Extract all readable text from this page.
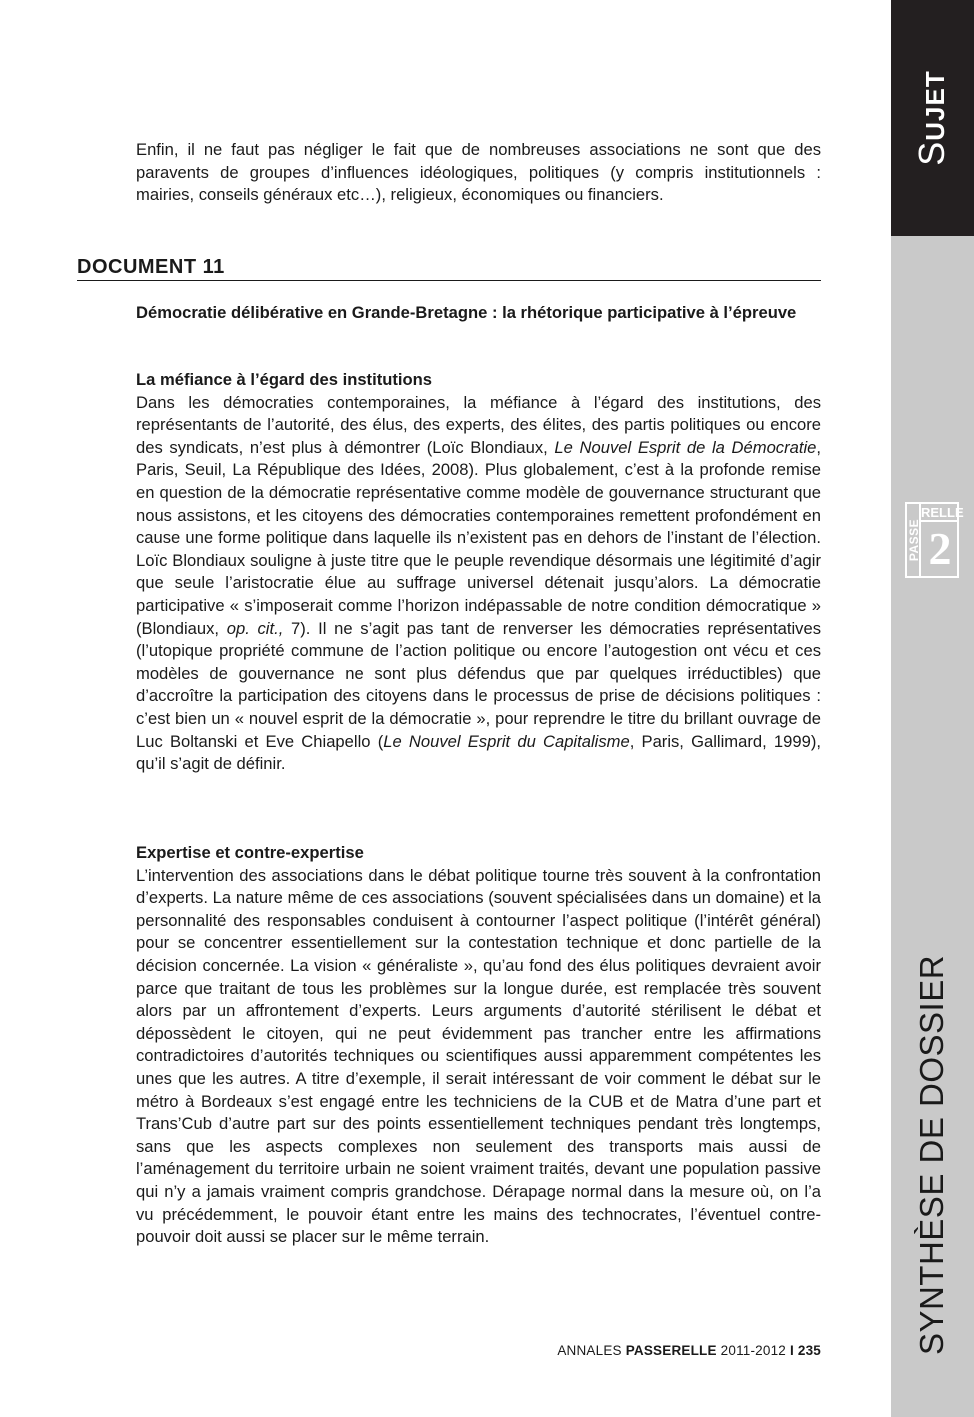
Enfin, il ne faut pas négliger le fait que de nombreuses associations ne sont que des paravents de groupes d’influences idéologiques, politiques (y compris institutionnels : mairies, conseils généraux etc…), religieux, économiques ou financiers.
DOCUMENT 11
Démocratie délibérative en Grande-Bretagne : la rhétorique participative à l’épreuve
La méfiance à l’égard des institutions
Dans les démocraties contemporaines, la méfiance à l’égard des institutions, des représentants de l’autorité, des élus, des experts, des élites, des partis politiques ou encore des syndicats, n’est plus à démontrer (Loïc Blondiaux, Le Nouvel Esprit de la Démocratie, Paris, Seuil, La République des Idées, 2008). Plus globalement, c’est à la profonde remise en question de la démocratie représentative comme modèle de gouvernance structurant que nous assistons, et les citoyens des démocraties contemporaines remettent profondément en cause une forme politique dans laquelle ils n’existent pas en dehors de l’instant de l’élection. Loïc Blondiaux souligne à juste titre que le peuple revendique désormais une légitimité d’agir que seule l’aristocratie élue au suffrage universel détenait jusqu’alors. La démocratie participative « s’imposerait comme l’horizon indépassable de notre condition démocratique » (Blondiaux, op. cit., 7). Il ne s’agit pas tant de renverser les démocraties représentatives (l’utopique propriété commune de l’action politique ou encore l’autogestion ont vécu et ces modèles de gouvernance ne sont plus défendus que par quelques irréductibles) que d’accroître la participation des citoyens dans le processus de prise de décisions politiques : c’est bien un « nouvel esprit de la démocratie », pour reprendre le titre du brillant ouvrage de Luc Boltanski et Eve Chiapello (Le Nouvel Esprit du Capitalisme, Paris, Gallimard, 1999), qu’il s’agit de définir.
Expertise et contre-expertise
L’intervention des associations dans le débat politique tourne très souvent à la confrontation d’experts. La nature même de ces associations (souvent spécialisées dans un domaine) et la personnalité des responsables conduisent à contourner l’aspect politique (l’intérêt général) pour se concentrer essentiellement sur la contestation technique et donc partielle de la décision concernée. La vision « généraliste », qu’au fond des élus politiques devraient avoir parce que traitant de tous les problèmes sur la longue durée, est remplacée très souvent alors par un affrontement d’experts. Leurs arguments d’autorité stérilisent le débat et dépossèdent le citoyen, qui ne peut évidemment pas trancher entre les affirmations contradictoires d’autorités techniques ou scientifiques aussi apparemment compétentes les unes que les autres. A titre d’exemple, il serait intéressant de voir comment le débat sur le métro à Bordeaux s’est engagé entre les techniciens de la CUB et de Matra d’une part et Trans’Cub d’autre part sur des points essentiellement techniques pendant très longtemps, sans que les aspects complexes non seulement des transports mais aussi de l’aménagement du territoire urbain ne soient vraiment traités, devant une population passive qui n’y a jamais vraiment compris grandchose. Dérapage normal dans la mesure où, on l’a vu précédemment, le pouvoir étant entre les mains des technocrates, l’éventuel contre-pouvoir doit aussi se placer sur le même terrain.
ANNALES PASSERELLE 2011-2012 I 235
SUJET
PASSE
RELLE
2
SYNTHÈSE DE DOSSIER
